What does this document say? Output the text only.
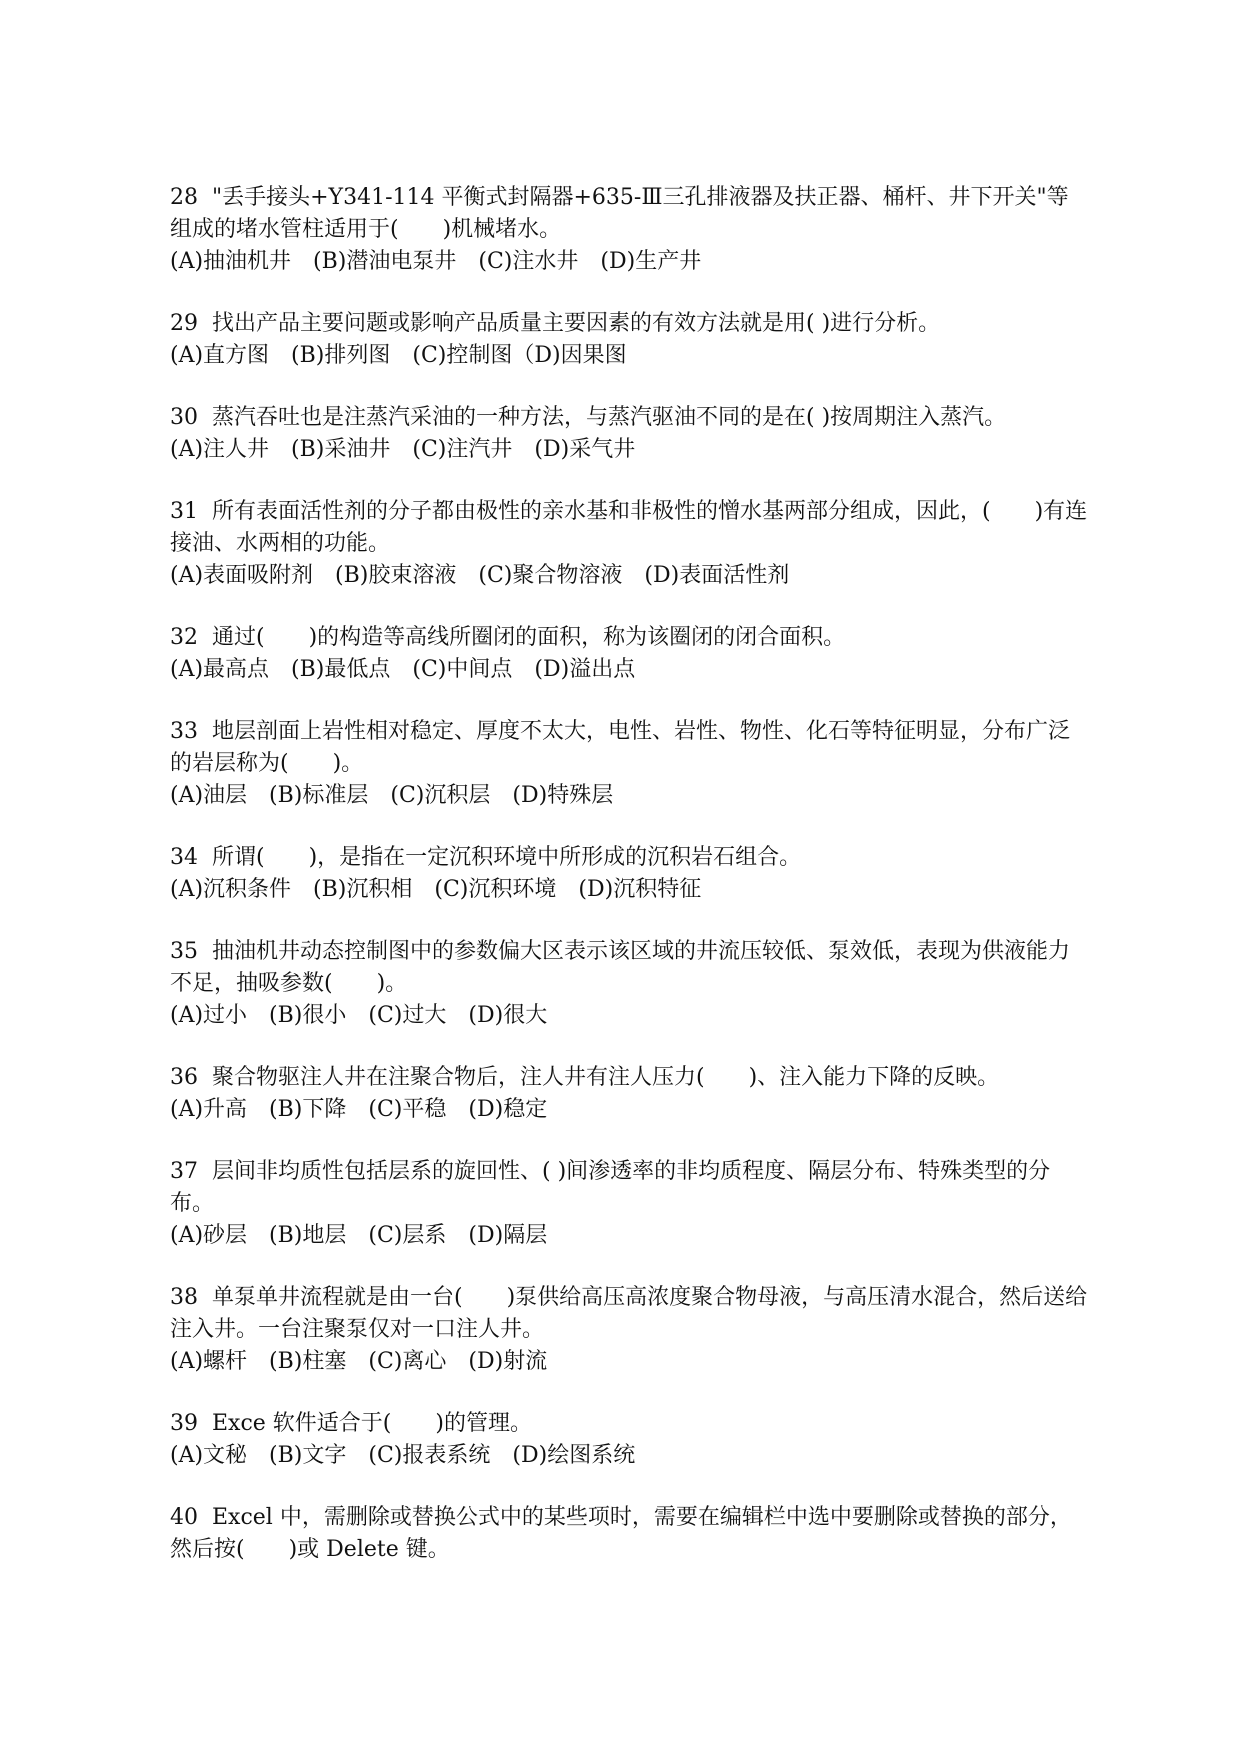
28 "丢手接头+Y341-114 平衡式封隔器+635-Ⅲ三孔排液器及扶正器、桶杆、井下开关"等组成的堵水管柱适用于(　　)机械堵水。

(A)抽油机井　(B)潜油电泵井　(C)注水井　(D)生产井

29 找出产品主要问题或影响产品质量主要因素的有效方法就是用( )进行分析。

(A)直方图　(B)排列图　(C)控制图（D)因果图

30 蒸汽吞吐也是注蒸汽采油的一种方法，与蒸汽驱油不同的是在( )按周期注入蒸汽。

(A)注人井　(B)采油井　(C)注汽井　(D)采气井

31 所有表面活性剂的分子都由极性的亲水基和非极性的憎水基两部分组成，因此，(　　)有连接油、水两相的功能。

(A)表面吸附剂　(B)胶束溶液　(C)聚合物溶液　(D)表面活性剂

32 通过(　　)的构造等高线所圈闭的面积，称为该圈闭的闭合面积。

(A)最高点　(B)最低点　(C)中间点　(D)溢出点

33 地层剖面上岩性相对稳定、厚度不太大，电性、岩性、物性、化石等特征明显，分布广泛的岩层称为(　　)。

(A)油层　(B)标准层　(C)沉积层　(D)特殊层

34 所谓(　　)，是指在一定沉积环境中所形成的沉积岩石组合。

(A)沉积条件　(B)沉积相　(C)沉积环境　(D)沉积特征

35 抽油机井动态控制图中的参数偏大区表示该区域的井流压较低、泵效低，表现为供液能力不足，抽吸参数(　　)。

(A)过小　(B)很小　(C)过大　(D)很大

36 聚合物驱注人井在注聚合物后，注人井有注人压力(　　)、注入能力下降的反映。

(A)升高　(B)下降　(C)平稳　(D)稳定

37 层间非均质性包括层系的旋回性、( )间渗透率的非均质程度、隔层分布、特殊类型的分布。

(A)砂层　(B)地层　(C)层系　(D)隔层

38 单泵单井流程就是由一台(　　)泵供给高压高浓度聚合物母液，与高压清水混合，然后送给注入井。一台注聚泵仅对一口注人井。

(A)螺杆　(B)柱塞　(C)离心　(D)射流

39 Exce 软件适合于(　　)的管理。

(A)文秘　(B)文字　(C)报表系统　(D)绘图系统

40 Excel 中，需删除或替换公式中的某些项时，需要在编辑栏中选中要删除或替换的部分，然后按(　　)或 Delete 键。
